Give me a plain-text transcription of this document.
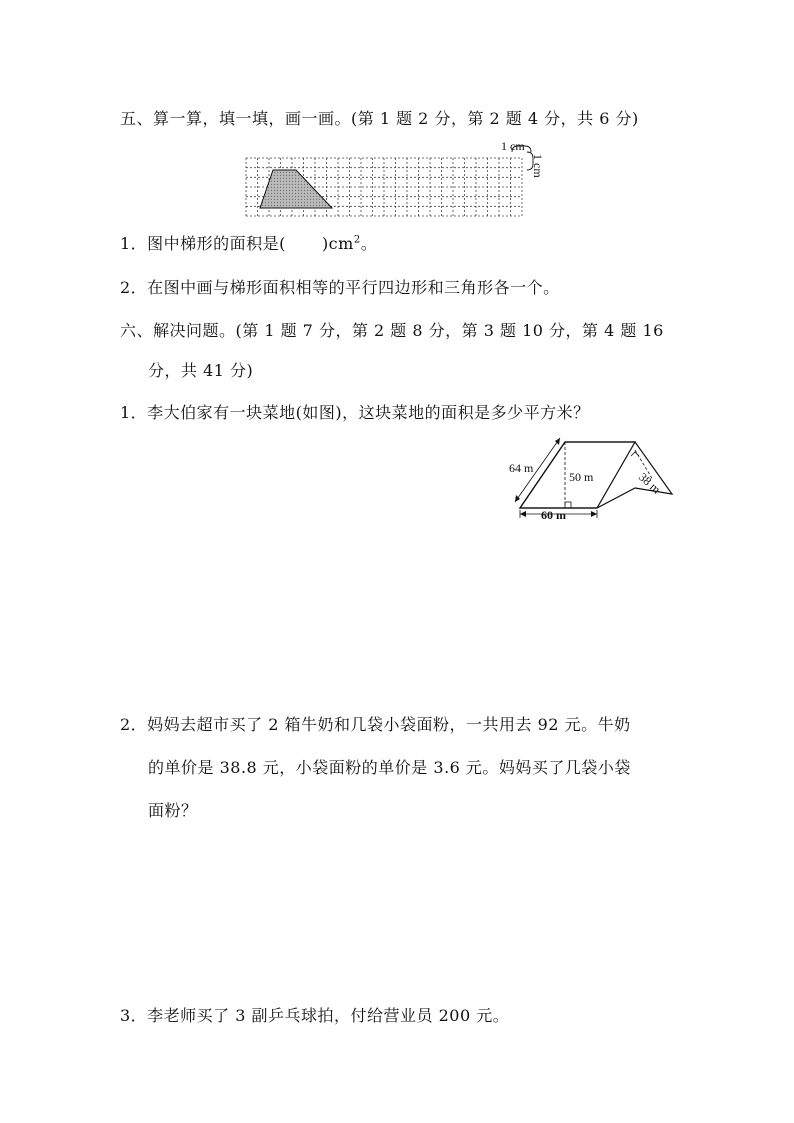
五、算一算，填一填，画一画。(第 1 题 2 分，第 2 题 4 分，共 6 分)
1 cm
1 cm
1．图中梯形的面积是( )$cm^2$。
2．在图中画与梯形面积相等的平行四边形和三角形各一个。
六、解决问题。(第 1 题 7 分，第 2 题 8 分，第 3 题 10 分，第 4 题 16
分，共 41 分)
1．李大伯家有一块菜地(如图)，这块菜地的面积是多少平方米？
64 m
50 m
60 m
38 m
2．妈妈去超市买了 2 箱牛奶和几袋小袋面粉，一共用去 92 元。牛奶
的单价是 38.8 元，小袋面粉的单价是 3.6 元。妈妈买了几袋小袋
面粉？
3．李老师买了 3 副乒乓球拍，付给营业员 200 元。
